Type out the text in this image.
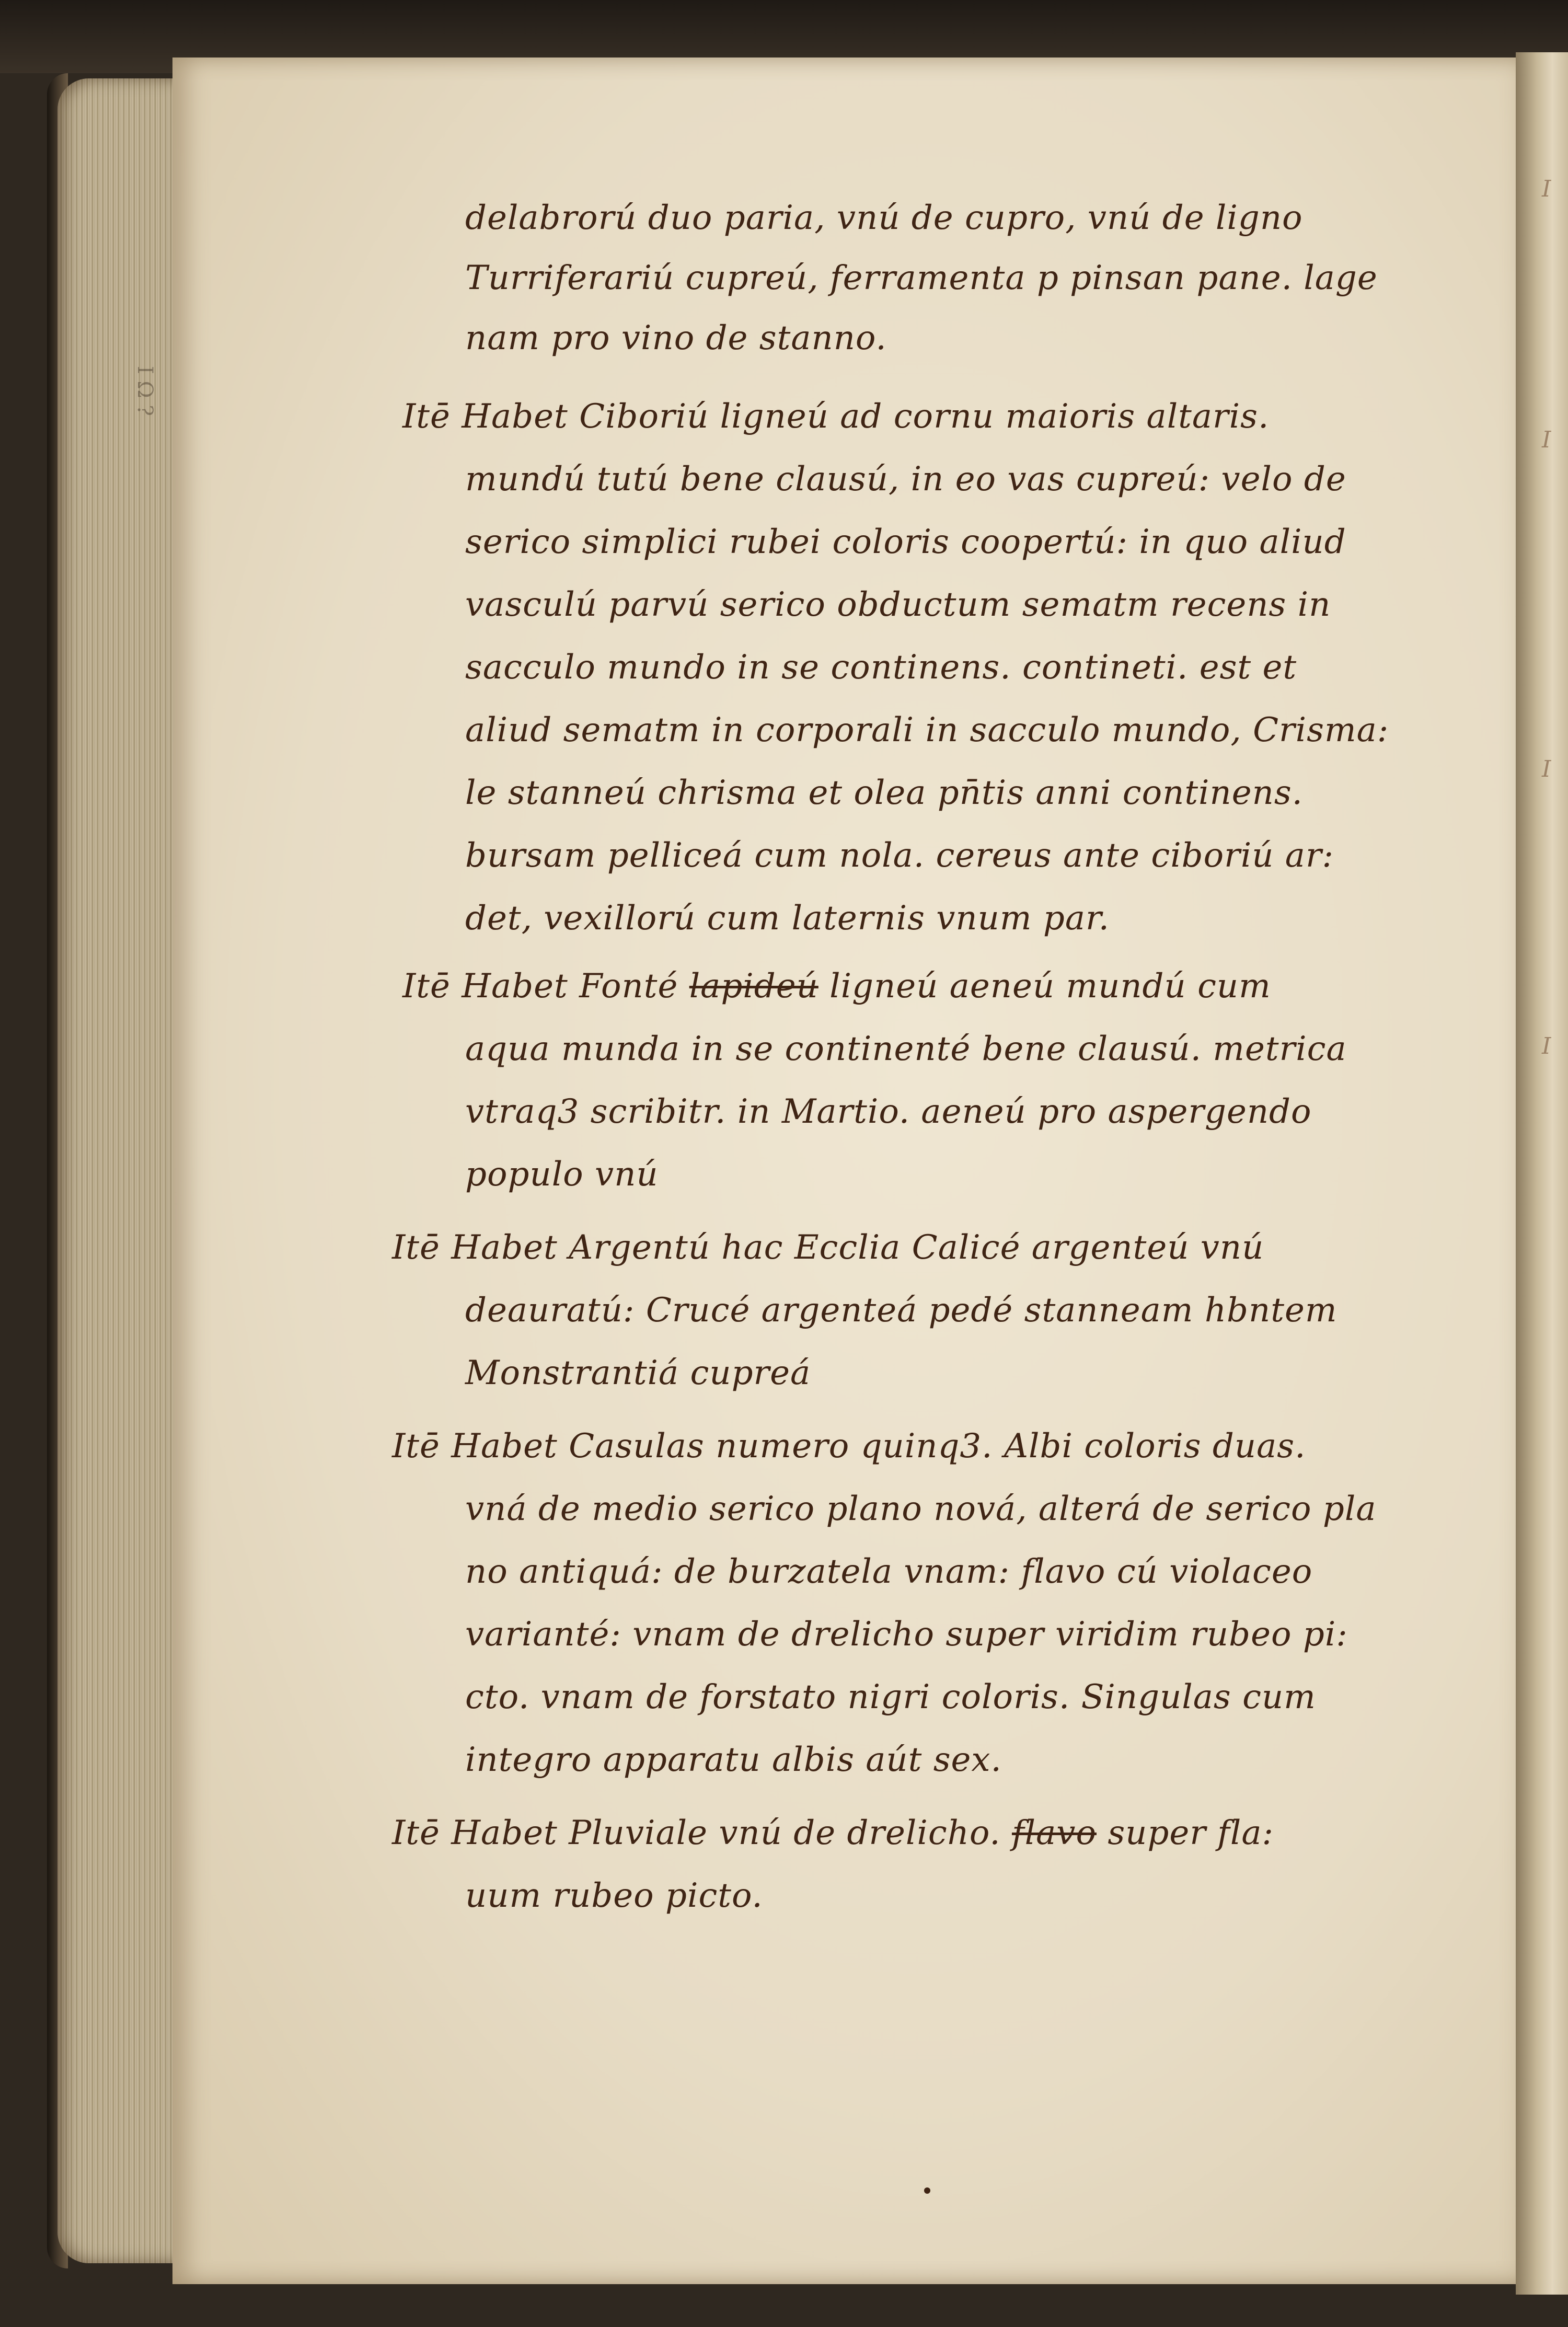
I Ω ?
delabrorú duo paria, vnú de cupro, vnú de ligno
Turriferariú cupreú, ferramenta p pinsan pane. lage
nam pro vino de stanno.
Itē Habet Ciboriú ligneú ad cornu maioris altaris.
mundú tutú bene clausú, in eo vas cupreú: velo de
serico simplici rubei coloris coopertú: in quo aliud
vasculú parvú serico obductum sematm recens in
sacculo mundo in se continens. contineti. est et
aliud sematm in corporali in sacculo mundo, Crisma:
le stanneú chrisma et olea pn̄tis anni continens.
bursam pelliceá cum nola. cereus ante ciboriú ar:
det, vexillorú cum laternis vnum par.
Itē Habet Fonté lapideú ligneú aeneú mundú cum
aqua munda in se continenté bene clausú. metrica
vtraq3 scribitr. in Martio. aeneú pro aspergendo
populo vnú
Itē Habet Argentú hac Ecclia Calicé argenteú vnú
deauratú: Crucé argenteá pedé stanneam hbntem
Monstrantiá cupreá
Itē Habet Casulas numero quinq3. Albi coloris duas.
vná de medio serico plano nová, alterá de serico pla
no antiquá: de burzatela vnam: flavo cú violaceo
varianté: vnam de drelicho super viridim rubeo pi:
cto. vnam de forstato nigri coloris. Singulas cum
integro apparatu albis aút sex.
Itē Habet Pluviale vnú de drelicho. flavo super fla:
uum rubeo picto.
I
I
I
I
